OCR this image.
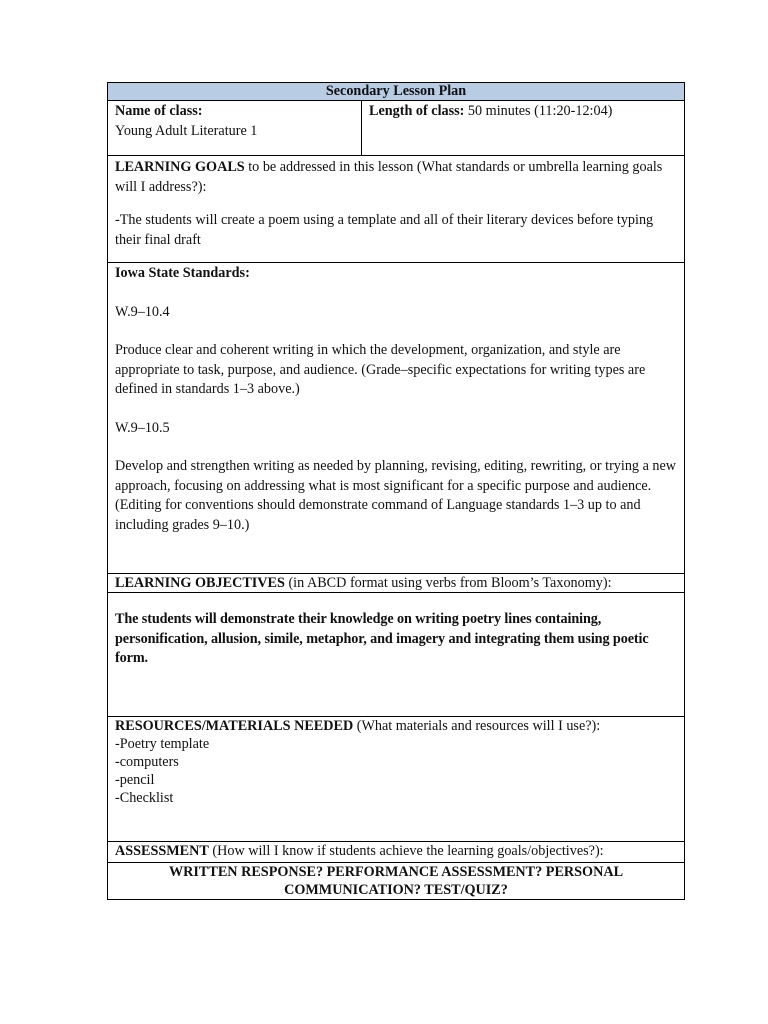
Secondary Lesson Plan

Name of class:

Young Adult Literature 1

Length of class: 50 minutes (11:20-12:04)

LEARNING GOALS to be addressed in this lesson (What standards or umbrella learning goals will I address?):

-The students will create a poem using a template and all of their literary devices before typing their final draft

Iowa State Standards:

W.9–10.4

Produce clear and coherent writing in which the development, organization, and style are appropriate to task, purpose, and audience. (Grade–specific expectations for writing types are defined in standards 1–3 above.)

W.9–10.5

Develop and strengthen writing as needed by planning, revising, editing, rewriting, or trying a new approach, focusing on addressing what is most significant for a specific purpose and audience. (Editing for conventions should demonstrate command of Language standards 1–3 up to and including grades 9–10.)

LEARNING OBJECTIVES (in ABCD format using verbs from Bloom’s Taxonomy):

The students will demonstrate their knowledge on writing poetry lines containing, personification, allusion, simile, metaphor, and imagery and integrating them using poetic form.

RESOURCES/MATERIALS NEEDED (What materials and resources will I use?):

-Poetry template

-computers

-pencil

-Checklist

ASSESSMENT (How will I know if students achieve the learning goals/objectives?):
WRITTEN RESPONSE? PERFORMANCE ASSESSMENT? PERSONAL COMMUNICATION? TEST/QUIZ?
